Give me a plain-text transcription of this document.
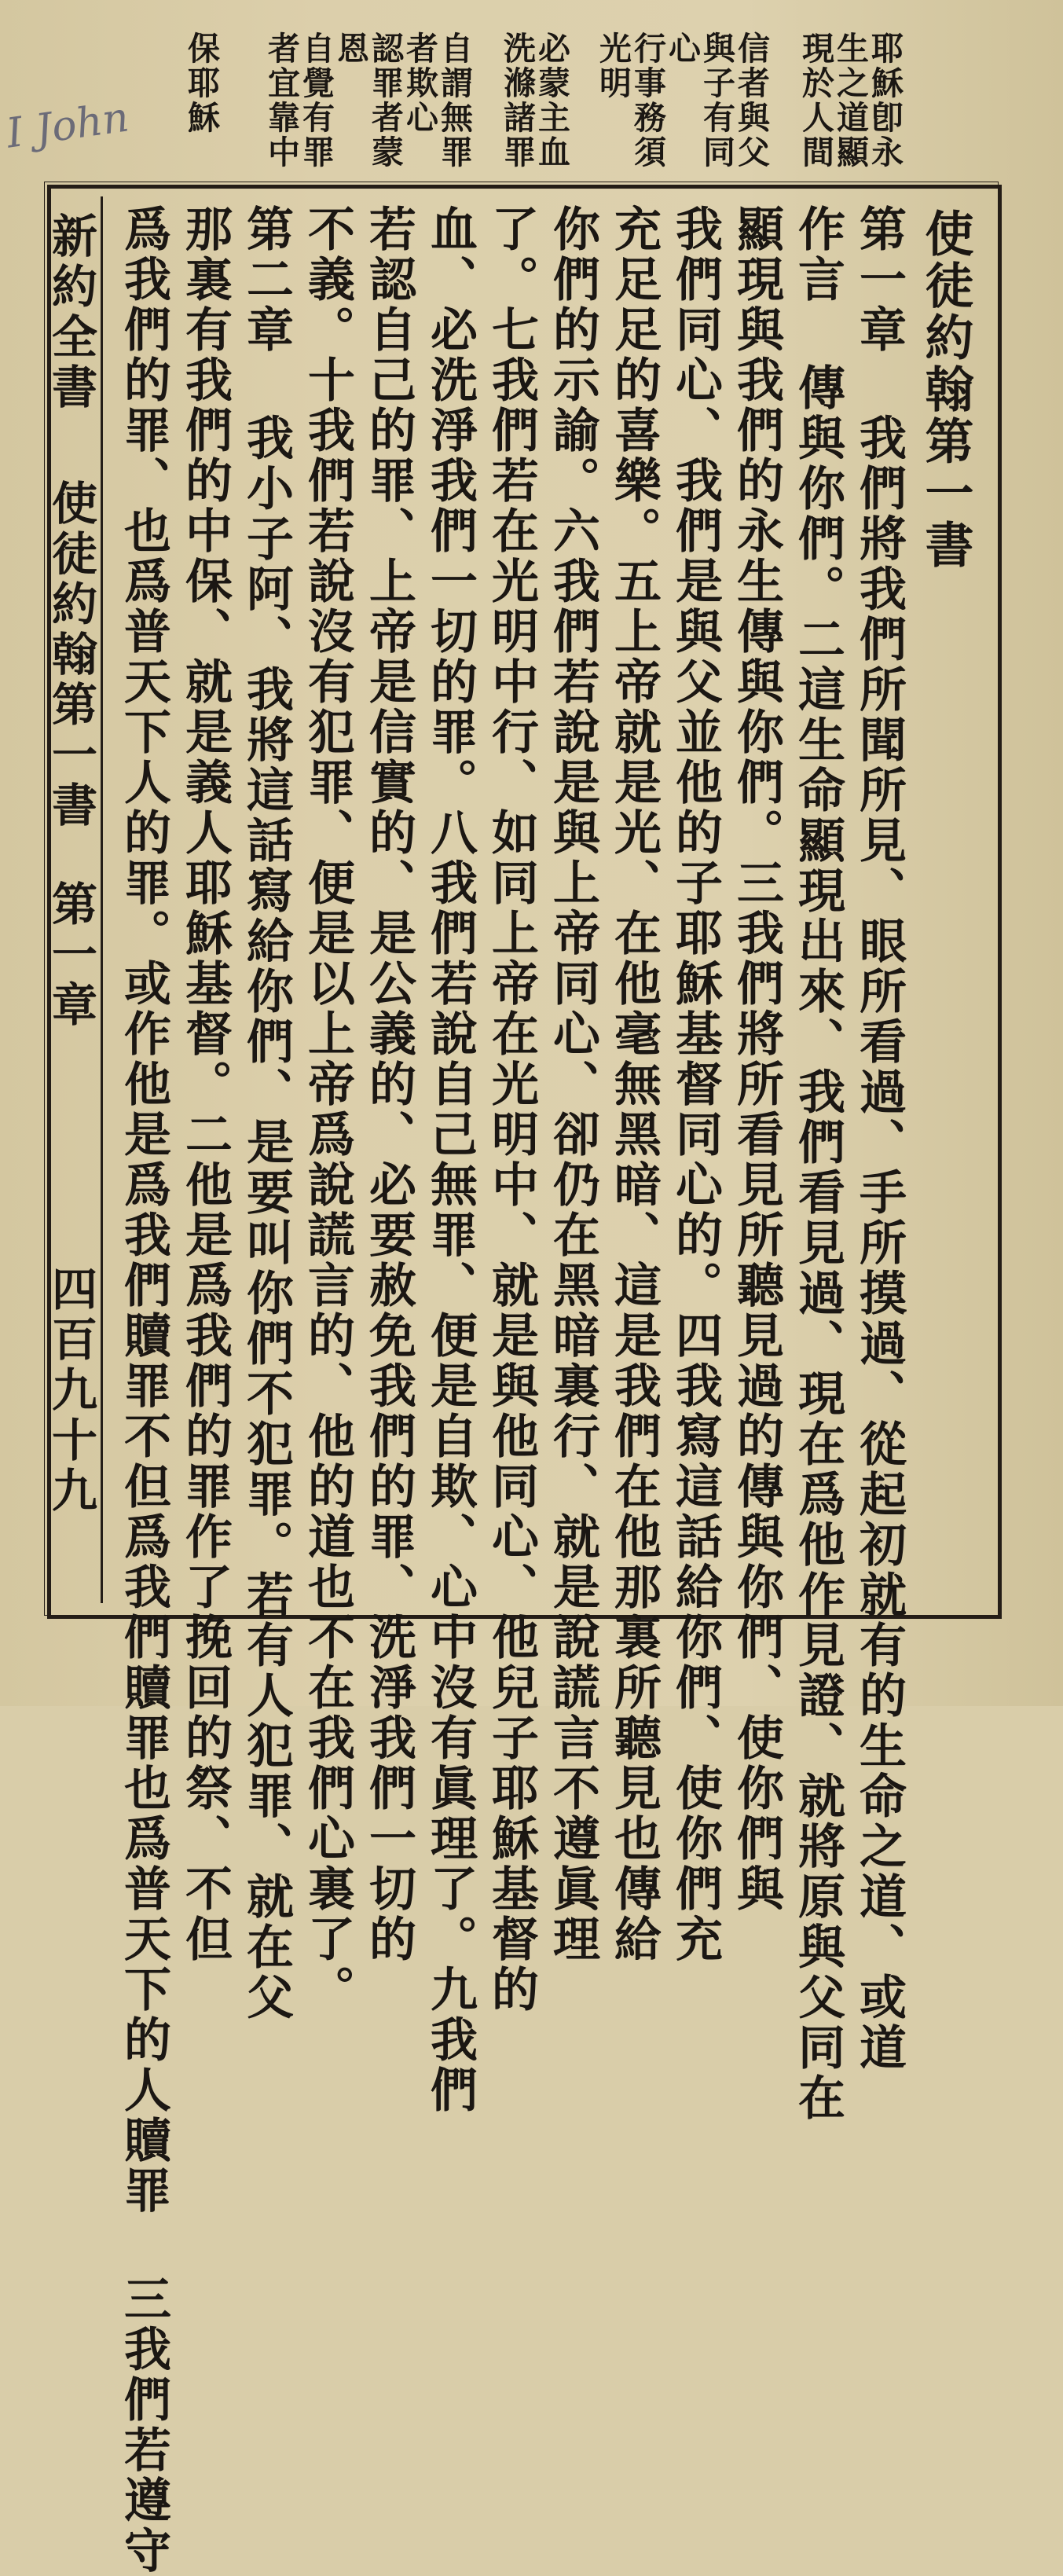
耶穌卽永
生之道顯
現於人間
信者與父
與子有同
心
行事務須
光明
必蒙主血
洗滌諸罪
自謂無罪
者欺心
認罪者蒙
恩
自覺有罪
者宜靠中
保耶穌
I John
使徒約翰第一書
第一章 我們將我們所聞所見、眼所看過、手所摸過、從起初就有的生命之道、或道
作言 傳與你們。二這生命顯現出來、我們看見過、現在爲他作見證、就將原與父同在
顯現與我們的永生傳與你們。三我們將所看見所聽見過的傳與你們、使你們與
我們同心、我們是與父並他的子耶穌基督同心的。四我寫這話給你們、使你們充
充足足的喜樂。五上帝就是光、在他毫無黑暗、這是我們在他那裏所聽見也傳給
你們的示諭。六我們若說是與上帝同心、卻仍在黑暗裏行、就是說謊言不遵眞理
了。七我們若在光明中行、如同上帝在光明中、就是與他同心、他兒子耶穌基督的
血、必洗淨我們一切的罪。八我們若說自己無罪、便是自欺、心中沒有眞理了。九我們
若認自己的罪、上帝是信實的、是公義的、必要赦免我們的罪、洗淨我們一切的
不義。十我們若說沒有犯罪、便是以上帝爲說謊言的、他的道也不在我們心裏了。
第二章 我小子阿、我將這話寫給你們、是要叫你們不犯罪。若有人犯罪、就在父
那裏有我們的中保、就是義人耶穌基督。二他是爲我們的罪作了挽回的祭、不但
爲我們的罪、也爲普天下人的罪。或作他是爲我們贖罪不但爲我們贖罪也爲普天下的人贖罪 三我們若遵守
新約全書
使徒約翰第一書
第一章
四百九十九
